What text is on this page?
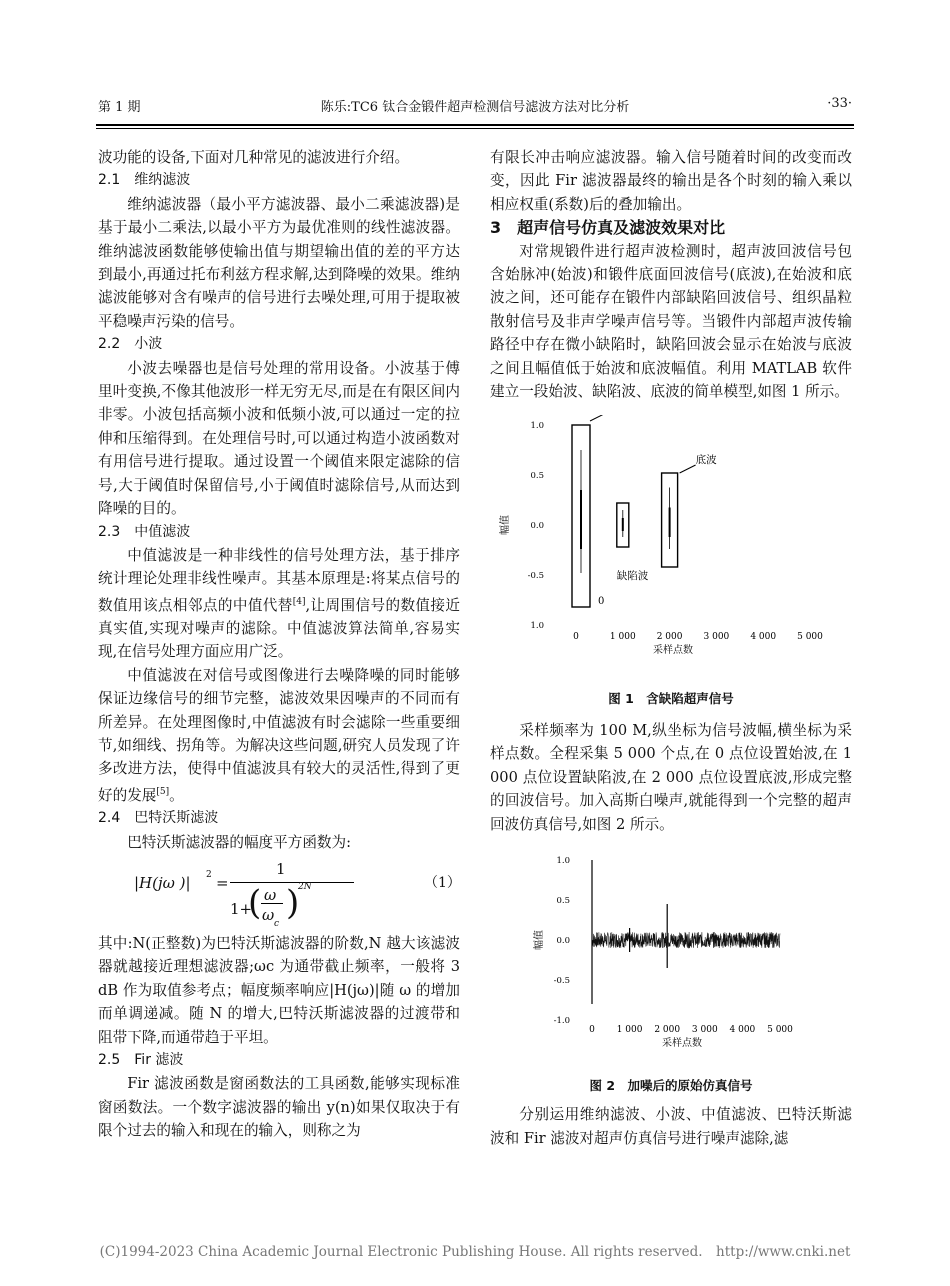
第 1 期	陈乐:TC6 钛合金锻件超声检测信号滤波方法对比分析	·33·

波功能的设备,下面对几种常见的滤波进行介绍。

2.1　维纳滤波

维纳滤波器（最小平方滤波器、最小二乘滤波器)是基于最小二乘法,以最小平方为最优准则的线性滤波器。维纳滤波函数能够使输出值与期望输出值的差的平方达到最小,再通过托布利兹方程求解,达到降噪的效果。维纳滤波能够对含有噪声的信号进行去噪处理,可用于提取被平稳噪声污染的信号。

2.2　小波

小波去噪器也是信号处理的常用设备。小波基于傅里叶变换,不像其他波形一样无穷无尽,而是在有限区间内非零。小波包括高频小波和低频小波,可以通过一定的拉伸和压缩得到。在处理信号时,可以通过构造小波函数对有用信号进行提取。通过设置一个阈值来限定滤除的信号,大于阈值时保留信号,小于阈值时滤除信号,从而达到降噪的目的。

2.3　中值滤波

中值滤波是一种非线性的信号处理方法，基于排序统计理论处理非线性噪声。其基本原理是:将某点信号的数值用该点相邻点的中值代替[4],让周围信号的数值接近真实值,实现对噪声的滤除。中值滤波算法简单,容易实现,在信号处理方面应用广泛。

中值滤波在对信号或图像进行去噪降噪的同时能够保证边缘信号的细节完整，滤波效果因噪声的不同而有所差异。在处理图像时,中值滤波有时会滤除一些重要细节,如细线、拐角等。为解决这些问题,研究人员发现了许多改进方法，使得中值滤波具有较大的灵活性,得到了更好的发展[5]。

2.4　巴特沃斯滤波

巴特沃斯滤波器的幅度平方函数为:

|H(jω )| 2 =
1
1+
( ω
ω c
)
2N	（1）

其中:N(正整数)为巴特沃斯滤波器的阶数,N 越大该滤波器就越接近理想滤波器;ωc 为通带截止频率，一般将 3 dB 作为取值参考点；幅度频率响应|H(jω)|随 ω 的增加而单调递减。随 N 的增大,巴特沃斯滤波器的过渡带和阻带下降,而通带趋于平坦。

2.5　Fir 滤波

Fir 滤波函数是窗函数法的工具函数,能够实现标准窗函数法。一个数字滤波器的输出 y(n)如果仅取决于有限个过去的输入和现在的输入，则称之为

有限长冲击响应滤波器。输入信号随着时间的改变而改变，因此 Fir 滤波器最终的输出是各个时刻的输入乘以相应权重(系数)后的叠加输出。

3　超声信号仿真及滤波效果对比

对常规锻件进行超声波检测时，超声波回波信号包含始脉冲(始波)和锻件底面回波信号(底波),在始波和底波之间，还可能存在锻件内部缺陷回波信号、组织晶粒散射信号及非声学噪声信号等。当锻件内部超声波传输路径中存在微小缺陷时，缺陷回波会显示在始波与底波之间且幅值低于始波和底波幅值。利用 MATLAB 软件建立一段始波、缺陷波、底波的简单模型,如图 1 所示。

1.0
0.5
0.0
-0.5
1.0
0	1 000 2 000 3 000 4 000 5 000
采样点数
幅值
缺陷波
底波
0
图 1　含缺陷超声信号

采样频率为 100 M,纵坐标为信号波幅,横坐标为采样点数。全程采集 5 000 个点,在 0 点位设置始波,在 1 000 点位设置缺陷波,在 2 000 点位设置底波,形成完整的回波信号。加入高斯白噪声,就能得到一个完整的超声回波仿真信号,如图 2 所示。

1.0
0.5
0.0
-0.5
-1.0
0 1 000 2 000 3 000 4 000 5 000
采样点数
幅值
图 2　加噪后的原始仿真信号

分别运用维纳滤波、小波、中值滤波、巴特沃斯滤波和 Fir 滤波对超声仿真信号进行噪声滤除,滤

(C)1994-2023 China Academic Journal Electronic Publishing House. All rights reserved.　http://www.cnki.net
